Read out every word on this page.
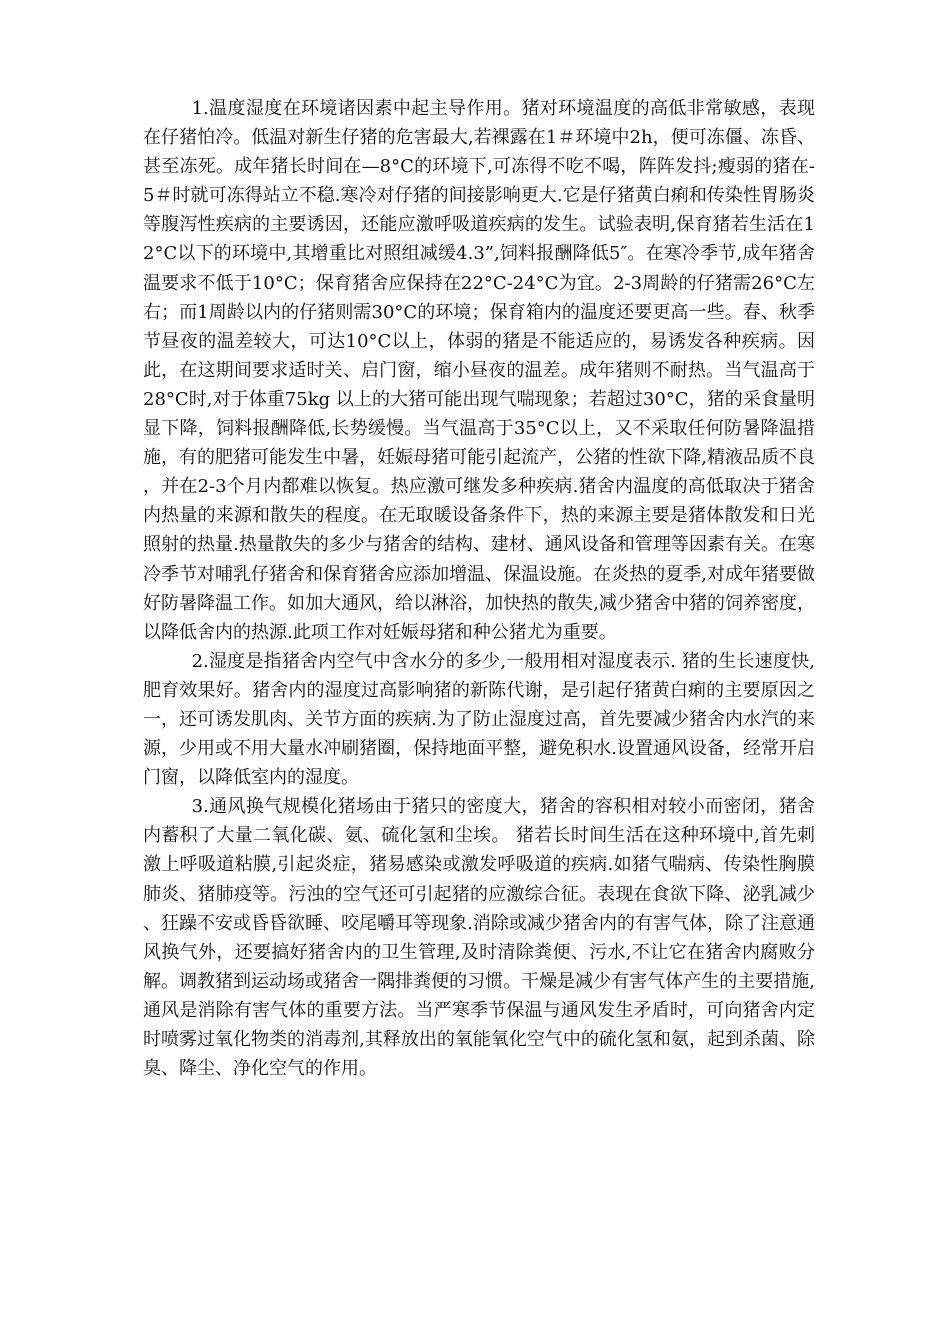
1.温度湿度在环境诸因素中起主导作用。猪对环境温度的高低非常敏感，表现在仔猪怕冷。低温对新生仔猪的危害最大,若裸露在1＃环境中2h，便可冻僵、冻昏、甚至冻死。成年猪长时间在—8°C的环境下,可冻得不吃不喝，阵阵发抖;瘦弱的猪在-5＃时就可冻得站立不稳.寒冷对仔猪的间接影响更大.它是仔猪黄白痢和传染性胃肠炎等腹泻性疾病的主要诱因，还能应激呼吸道疾病的发生。试验表明,保育猪若生活在12°C以下的环境中,其增重比对照组减缓4.3”,饲料报酬降低5″。在寒冷季节,成年猪舍温要求不低于10°C；保育猪舍应保持在22°C-24°C为宜。2-3周龄的仔猪需26°C左右；而1周龄以内的仔猪则需30°C的环境；保育箱内的温度还要更高一些。春、秋季节昼夜的温差较大，可达10°C以上，体弱的猪是不能适应的，易诱发各种疾病。因此，在这期间要求适时关、启门窗，缩小昼夜的温差。成年猪则不耐热。当气温高于28°C时,对于体重75kg 以上的大猪可能出现气喘现象；若超过30°C，猪的采食量明显下降，饲料报酬降低,长势缓慢。当气温高于35°C以上，又不采取任何防暑降温措施，有的肥猪可能发生中暑，妊娠母猪可能引起流产，公猪的性欲下降,精液品质不良，并在2-3个月内都难以恢复。热应激可继发多种疾病.猪舍内温度的高低取决于猪舍内热量的来源和散失的程度。在无取暖设备条件下，热的来源主要是猪体散发和日光照射的热量.热量散失的多少与猪舍的结构、建材、通风设备和管理等因素有关。在寒冷季节对哺乳仔猪舍和保育猪舍应添加增温、保温设施。在炎热的夏季,对成年猪要做好防暑降温工作。如加大通风，给以淋浴，加快热的散失,减少猪舍中猪的饲养密度，以降低舍内的热源.此项工作对妊娠母猪和种公猪尤为重要。

2.湿度是指猪舍内空气中含水分的多少,一般用相对湿度表示. 猪的生长速度快,肥育效果好。猪舍内的湿度过高影响猪的新陈代谢，是引起仔猪黄白痢的主要原因之一，还可诱发肌肉、关节方面的疾病.为了防止湿度过高，首先要减少猪舍内水汽的来源，少用或不用大量水冲刷猪圈，保持地面平整，避免积水.设置通风设备，经常开启门窗，以降低室内的湿度。

3.通风换气规模化猪场由于猪只的密度大，猪舍的容积相对较小而密闭，猪舍内蓄积了大量二氧化碳、氨、硫化氢和尘埃。 猪若长时间生活在这种环境中,首先刺激上呼吸道粘膜,引起炎症，猪易感染或激发呼吸道的疾病.如猪气喘病、传染性胸膜肺炎、猪肺疫等。污浊的空气还可引起猪的应激综合征。表现在食欲下降、泌乳减少、狂躁不安或昏昏欲睡、咬尾嚼耳等现象.消除或减少猪舍内的有害气体，除了注意通风换气外，还要搞好猪舍内的卫生管理,及时清除粪便、污水,不让它在猪舍内腐败分解。调教猪到运动场或猪舍一隅排粪便的习惯。干燥是减少有害气体产生的主要措施,通风是消除有害气体的重要方法。当严寒季节保温与通风发生矛盾时，可向猪舍内定时喷雾过氧化物类的消毒剂,其释放出的氧能氧化空气中的硫化氢和氨，起到杀菌、除臭、降尘、净化空气的作用。
